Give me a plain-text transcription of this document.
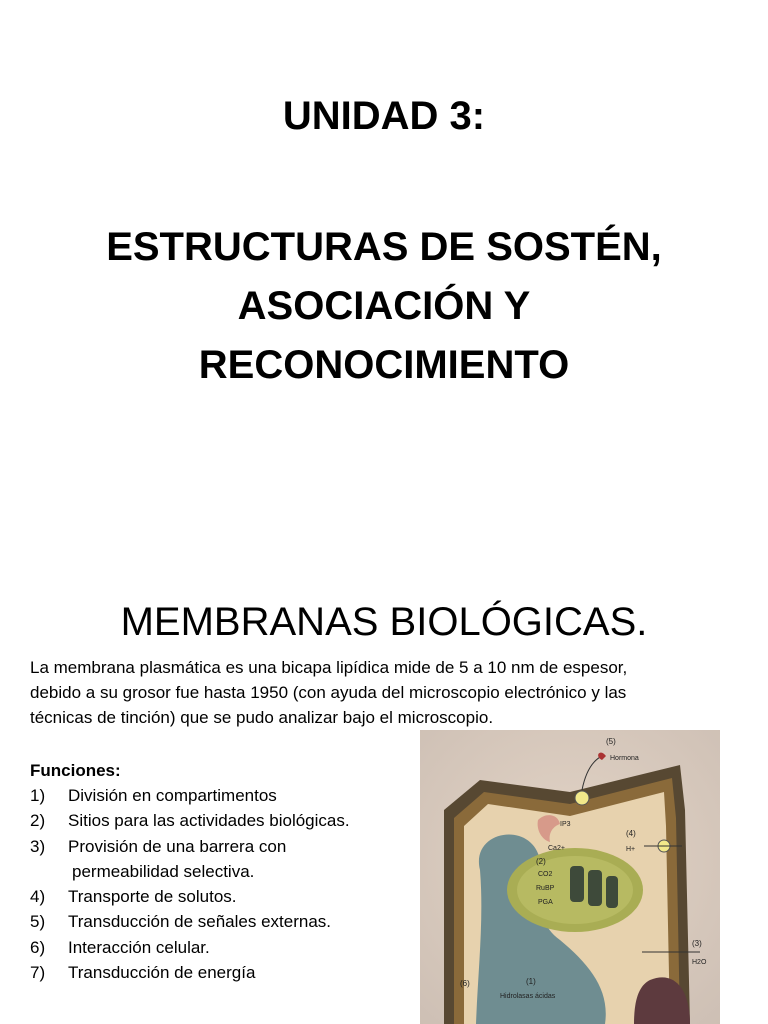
UNIDAD 3:
ESTRUCTURAS DE SOSTÉN,
ASOCIACIÓN Y
RECONOCIMIENTO
MEMBRANAS BIOLÓGICAS.
La membrana plasmática es una bicapa lipídica mide de 5 a 10 nm de espesor,
debido a su grosor fue hasta 1950 (con ayuda del microscopio electrónico y las
técnicas de tinción) que se pudo analizar bajo el microscopio.
Funciones:
1)	División en compartimentos
2)	Sitios para las actividades biológicas.
3)	Provisión de una barrera con
permeabilidad selectiva.
4)	Transporte de solutos.
5)	Transducción de señales externas.
6)	Interacción celular.
7)	Transducción de energía
(5)
Hormona
IP3
Ca2+
(4)
H+
(2)
CO2
RuBP
PGA
(3)
H2O
(1)
Hidrolasas ácidas
(6)
